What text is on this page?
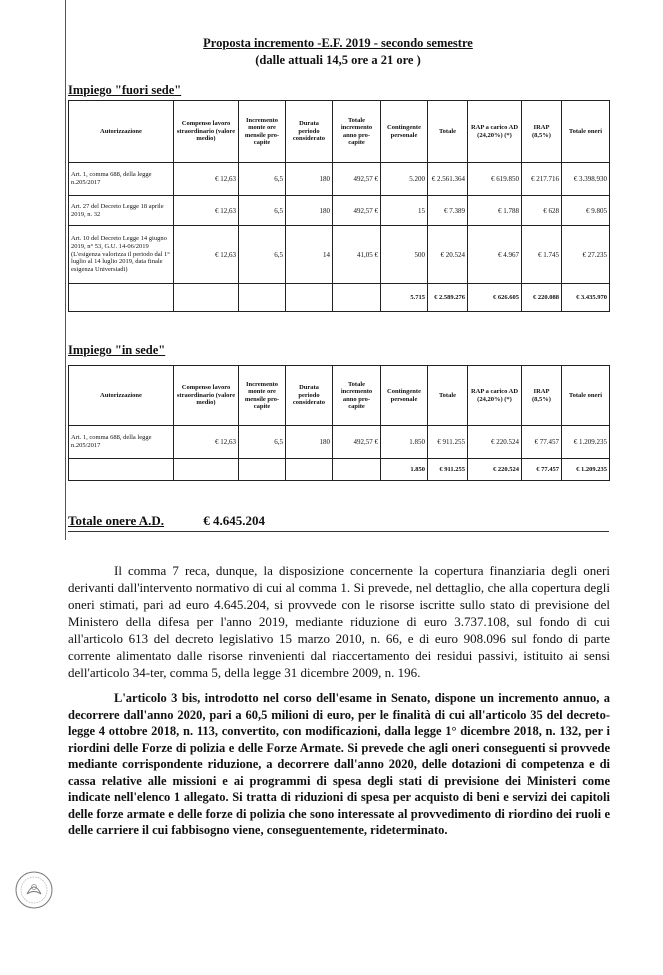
Proposta incremento -E.F. 2019 - secondo semestre
(dalle attuali 14,5 ore a 21 ore )
Impiego "fuori sede"
Autorizzazione	Compenso lavoro straordinario (valore medio)	Incremento monte ore mensile pro-capite	Durata periodo considerato	Totale incremento anno pro-capite	Contingente personale	Totale	RAP a carico AD (24,20%) (*)	IRAP (8,5%)	Totale oneri
Art. 1, comma 688, della legge n.205/2017	€ 12,63	6,5	180	492,57 €	5.200	€ 2.561.364	€ 619.850	€ 217.716	€ 3.398.930
Art. 27 del Decreto Legge 18 aprile 2019, n. 32	€ 12,63	6,5	180	492,57 €	15	€ 7.389	€ 1.788	€ 628	€ 9.805
Art. 10 del Decreto Legge 14 giugno 2019, n° 53, G.U. 14-06/2019 (L'esigenza valorizza il periodo dal 1° luglio al 14 luglio 2019, data finale esigenza Universiadi)	€ 12,63	6,5	14	41,05 €	500	€ 20.524	€ 4.967	€ 1.745	€ 27.235
					5.715	€ 2.589.276	€ 626.605	€ 220.088	€ 3.435.970
Impiego "in sede"
Autorizzazione	Compenso lavoro straordinario (valore medio)	Incremento monte ore mensile pro-capite	Durata periodo considerato	Totale incremento anno pro-capite	Contingente personale	Totale	RAP a carico AD (24,20%) (*)	IRAP (8,5%)	Totale oneri
Art. 1, comma 688, della legge n.205/2017	€ 12,63	6,5	180	492,57 €	1.850	€ 911.255	€ 220.524	€ 77.457	€ 1.209.235
					1.850	€ 911.255	€ 220.524	€ 77.457	€ 1.209.235
Totale onere A.D.	€ 4.645.204
Il comma 7 reca, dunque, la disposizione concernente la copertura finanziaria degli oneri derivanti dall'intervento normativo di cui al comma 1. Si prevede, nel dettaglio, che alla copertura degli oneri stimati, pari ad euro 4.645.204, si provvede con le risorse iscritte sullo stato di previsione del Ministero della difesa per l'anno 2019, mediante riduzione di euro 3.737.108, sul fondo di cui all'articolo 613 del decreto legislativo 15 marzo 2010, n. 66, e di euro 908.096 sul fondo di parte corrente alimentato dalle risorse rinvenienti dal riaccertamento dei residui passivi, istituito ai sensi dell'articolo 34-ter, comma 5, della legge 31 dicembre 2009, n. 196.
L'articolo 3 bis, introdotto nel corso dell'esame in Senato, dispone un incremento annuo, a decorrere dall'anno 2020, pari a 60,5 milioni di euro, per le finalità di cui all'articolo 35 del decreto-legge 4 ottobre 2018, n. 113, convertito, con modificazioni, dalla legge 1° dicembre 2018, n. 132, per i riordini delle Forze di polizia e delle Forze Armate. Si prevede che agli oneri conseguenti si provvede mediante corrispondente riduzione, a decorrere dall'anno 2020, delle dotazioni di competenza e di cassa relative alle missioni e ai programmi di spesa degli stati di previsione dei Ministeri come indicate nell'elenco 1 allegato. Si tratta di riduzioni di spesa per acquisto di beni e servizi dei capitoli delle forze armate e delle forze di polizia che sono interessate al provvedimento di riordino dei ruoli e delle carriere il cui fabbisogno viene, conseguentemente, rideterminato.
